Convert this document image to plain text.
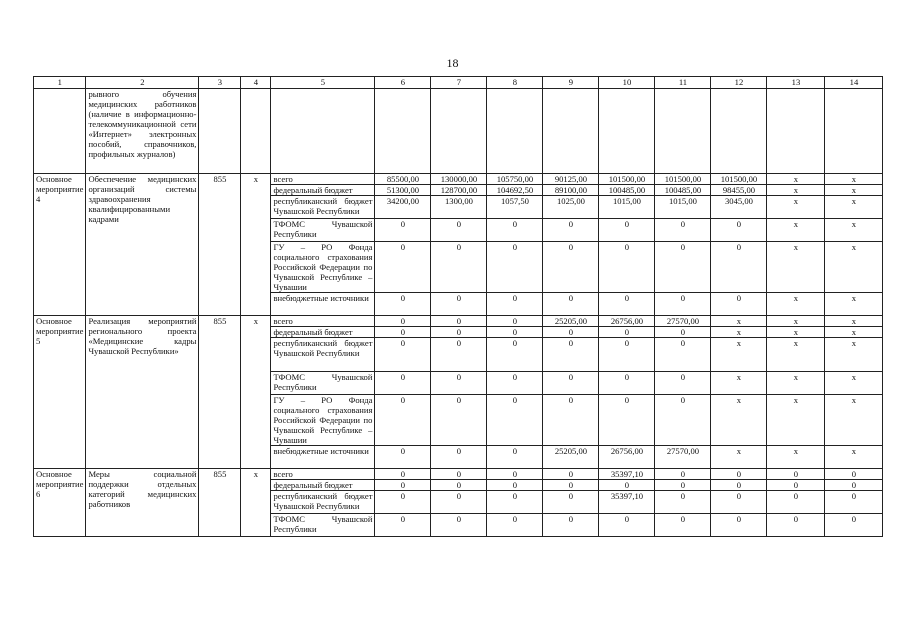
18
1	2	3	4	5	6	7	8	9	10	11	12	13	14
	рывного обучения медицинских работников (наличие в информационно-телекоммуникационной сети «Интернет» электронных пособий, справочников, профильных журналов)												
Основное мероприятие 4	Обеспечение медицинских организаций системы здравоохранения квалифицированными кадрами	855	x	всего	85500,00	130000,00	105750,00	90125,00	101500,00	101500,00	101500,00	x	x
				федеральный бюджет	51300,00	128700,00	104692,50	89100,00	100485,00	100485,00	98455,00	x	x
				республиканский бюджет Чувашской Республики	34200,00	1300,00	1057,50	1025,00	1015,00	1015,00	3045,00	x	x
				ТФОМС Чувашской Республики	0	0	0	0	0	0	0	x	x
				ГУ – РО Фонда социального страхования Российской Федерации по Чувашской Республике – Чувашии	0	0	0	0	0	0	0	x	x
				внебюджетные источники	0	0	0	0	0	0	0	x	x
Основное мероприятие 5	Реализация мероприятий регионального проекта «Медицинские кадры Чувашской Республики»	855	x	всего	0	0	0	25205,00	26756,00	27570,00	x	x	x
				федеральный бюджет	0	0	0	0	0	0	x	x	x
				республиканский бюджет Чувашской Республики	0	0	0	0	0	0	x	x	x
				ТФОМС Чувашской Республики	0	0	0	0	0	0	x	x	x
				ГУ – РО Фонда социального страхования Российской Федерации по Чувашской Республике – Чувашии	0	0	0	0	0	0	x	x	x
				внебюджетные источники	0	0	0	25205,00	26756,00	27570,00	x	x	x
Основное мероприятие 6	Меры социальной поддержки отдельных категорий медицинских работников	855	x	всего	0	0	0	0	35397,10	0	0	0	0
				федеральный бюджет	0	0	0	0	0	0	0	0	0
				республиканский бюджет Чувашской Республики	0	0	0	0	35397,10	0	0	0	0
				ТФОМС Чувашской Республики	0	0	0	0	0	0	0	0	0
